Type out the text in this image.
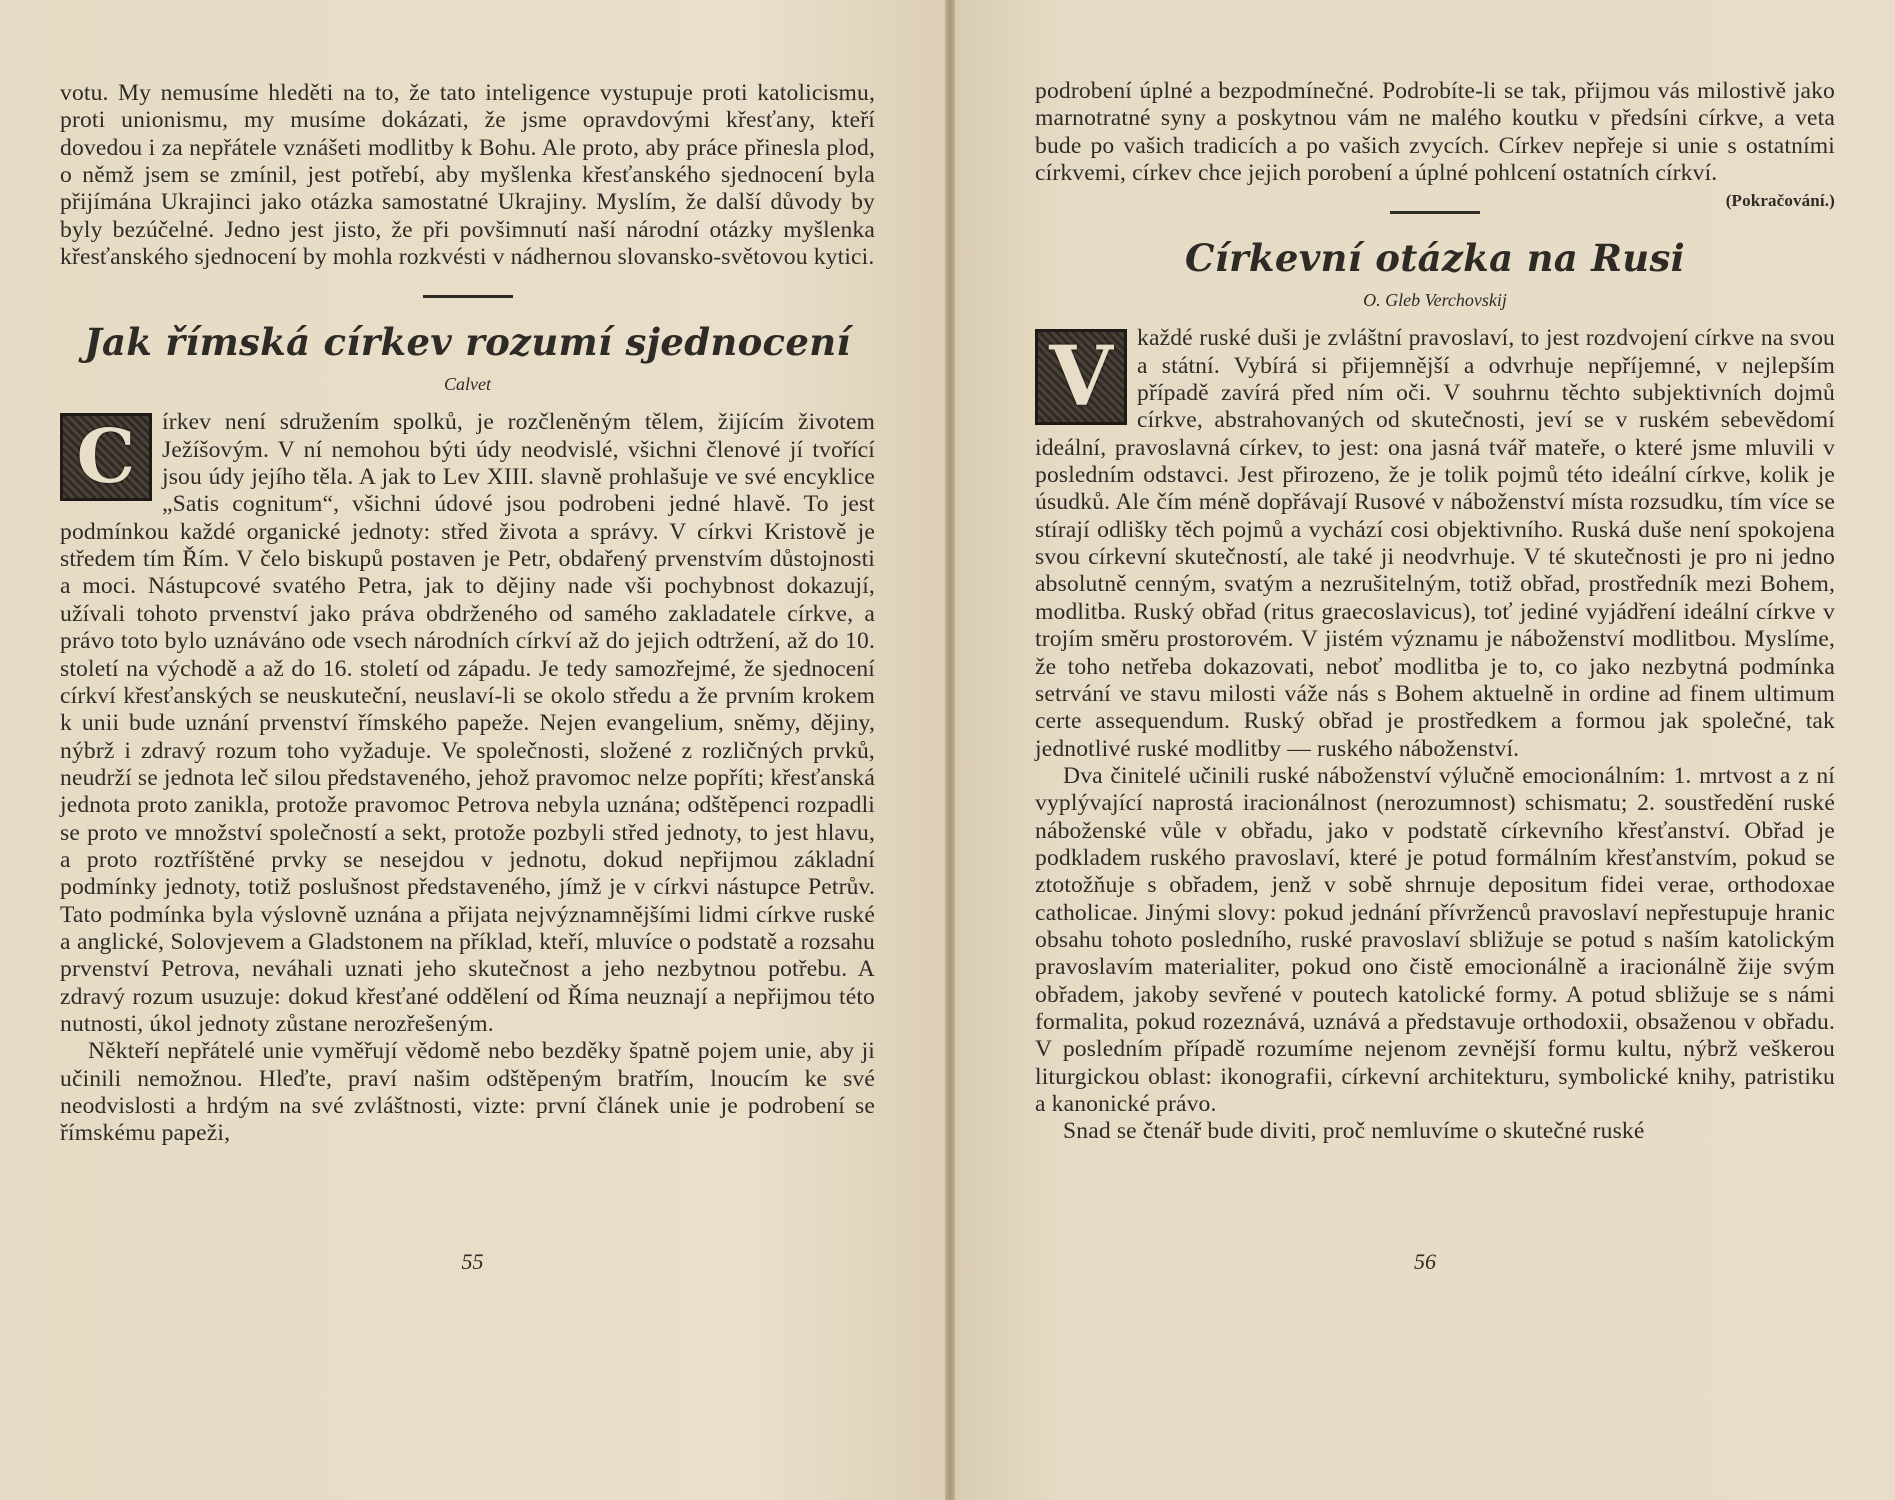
votu. My nemusíme hleděti na to, že tato inteligence vystupuje proti katolicismu, proti unionismu, my musíme dokázati, že jsme opravdovými křesťany, kteří dovedou i za nepřátele vznášeti modlitby k Bohu. Ale proto, aby práce přinesla plod, o němž jsem se zmínil, jest potřebí, aby myšlenka křesťanského sjednocení byla přijímána Ukrajinci jako otázka samostatné Ukrajiny. Myslím, že další důvody by byly bezúčelné. Jedno jest jisto, že při povšimnutí naší národní otázky myšlenka křesťanského sjednocení by mohla rozkvésti v nádhernou slovansko-světovou kytici.

Jak římská církev rozumí sjednocení
Calvet
C	írkev není sdružením spolků, je rozčleněným tělem, žijícím životem Ježíšovým. V ní nemohou býti údy neodvislé, všichni členové jí tvořící jsou údy jejího těla. A jak to Lev XIII. slavně prohlašuje ve své encyklice „Satis cognitum“, všichni údové jsou podrobeni jedné hlavě. To jest podmínkou každé organické jednoty: střed života a správy. V církvi Kristově je středem tím Řím. V čelo biskupů postaven je Petr, obdařený prvenstvím důstojnosti a moci. Nástupcové svatého Petra, jak to dějiny nade vši pochybnost dokazují, užívali tohoto prvenství jako práva obdrženého od samého zakladatele církve, a právo toto bylo uznáváno ode vsech národních církví až do jejich odtržení, až do 10. století na východě a až do 16. století od západu. Je tedy samozřejmé, že sjednocení církví křesťanských se neuskuteční, neuslaví-li se okolo středu a že prvním krokem k unii bude uznání prvenství římského papeže. Nejen evangelium, sněmy, dějiny, nýbrž i zdravý rozum toho vyžaduje. Ve společnosti, složené z rozličných prvků, neudrží se jednota leč silou představeného, jehož pravomoc nelze popříti; křesťanská jednota proto zanikla, protože pravomoc Petrova nebyla uznána; odštěpenci rozpadli se proto ve množství společností a sekt, protože pozbyli střed jednoty, to jest hlavu, a proto roztříštěné prvky se nesejdou v jednotu, dokud nepřijmou základní podmínky jednoty, totiž poslušnost představeného, jímž je v církvi nástupce Petrův. Tato podmínka byla výslovně uznána a přijata nejvýznamnějšími lidmi církve ruské a anglické, Solovjevem a Gladstonem na příklad, kteří, mluvíce o podstatě a rozsahu prvenství Petrova, neváhali uznati jeho skutečnost a jeho nezbytnou potřebu. A zdravý rozum usuzuje: dokud křesťané oddělení od Říma neuznají a nepřijmou této nutnosti, úkol jednoty zůstane nerozřešeným.

Někteří nepřátelé unie vyměřují vědomě nebo bezděky špatně pojem unie, aby ji učinili nemožnou. Hleďte, praví našim odštěpeným bratřím, lnoucím ke své neodvislosti a hrdým na své zvláštnosti, vizte: první článek unie je podrobení se římskému papeži,

55

podrobení úplné a bezpodmínečné. Podrobíte-li se tak, přijmou vás milostivě jako marnotratné syny a poskytnou vám ne malého koutku v předsíni církve, a veta bude po vašich tradicích a po vašich zvycích. Církev nepřeje si unie s ostatními církvemi, církev chce jejich porobení a úplné pohlcení ostatních církví.
(Pokračování.)

Církevní otázka na Rusi
O. Gleb Verchovskij
V	každé ruské duši je zvláštní pravoslaví, to jest rozdvojení církve na svou a státní. Vybírá si přijemnější a odvrhuje nepříjemné, v nejlepším případě zavírá před ním oči. V souhrnu těchto subjektivních dojmů církve, abstrahovaných od skutečnosti, jeví se v ruském sebevědomí ideální, pravoslavná církev, to jest: ona jasná tvář mateře, o které jsme mluvili v posledním odstavci. Jest přirozeno, že je tolik pojmů této ideální církve, kolik je úsudků. Ale čím méně dopřávají Rusové v náboženství místa rozsudku, tím více se stírají odlišky těch pojmů a vychází cosi objektivního. Ruská duše není spokojena svou církevní skutečností, ale také ji neodvrhuje. V té skutečnosti je pro ni jedno absolutně cenným, svatým a nezrušitelným, totiž obřad, prostředník mezi Bohem, modlitba. Ruský obřad (ritus graecoslavicus), toť jediné vyjádření ideální církve v trojím směru prostorovém. V jistém významu je náboženství modlitbou. Myslíme, že toho netřeba dokazovati, neboť modlitba je to, co jako nezbytná podmínka setrvání ve stavu milosti váže nás s Bohem aktuelně in ordine ad finem ultimum certe assequendum. Ruský obřad je prostředkem a formou jak společné, tak jednotlivé ruské modlitby — ruského náboženství.

Dva činitelé učinili ruské náboženství výlučně emocionálním: 1. mrtvost a z ní vyplývající naprostá iracionálnost (nerozumnost) schismatu; 2. soustředění ruské náboženské vůle v obřadu, jako v podstatě církevního křesťanství. Obřad je podkladem ruského pravoslaví, které je potud formálním křesťanstvím, pokud se ztotožňuje s obřadem, jenž v sobě shrnuje depositum fidei verae, orthodoxae catholicae. Jinými slovy: pokud jednání přívrženců pravoslaví nepřestupuje hranic obsahu tohoto posledního, ruské pravoslaví sbližuje se potud s naším katolickým pravoslavím materialiter, pokud ono čistě emocionálně a iracionálně žije svým obřadem, jakoby sevřené v poutech katolické formy. A potud sbližuje se s námi formalita, pokud rozeznává, uznává a představuje orthodoxii, obsaženou v obřadu. V posledním případě rozumíme nejenom zevnější formu kultu, nýbrž veškerou liturgickou oblast: ikonografii, církevní architekturu, symbolické knihy, patristiku a kanonické právo.

Snad se čtenář bude diviti, proč nemluvíme o skutečné ruské

56
